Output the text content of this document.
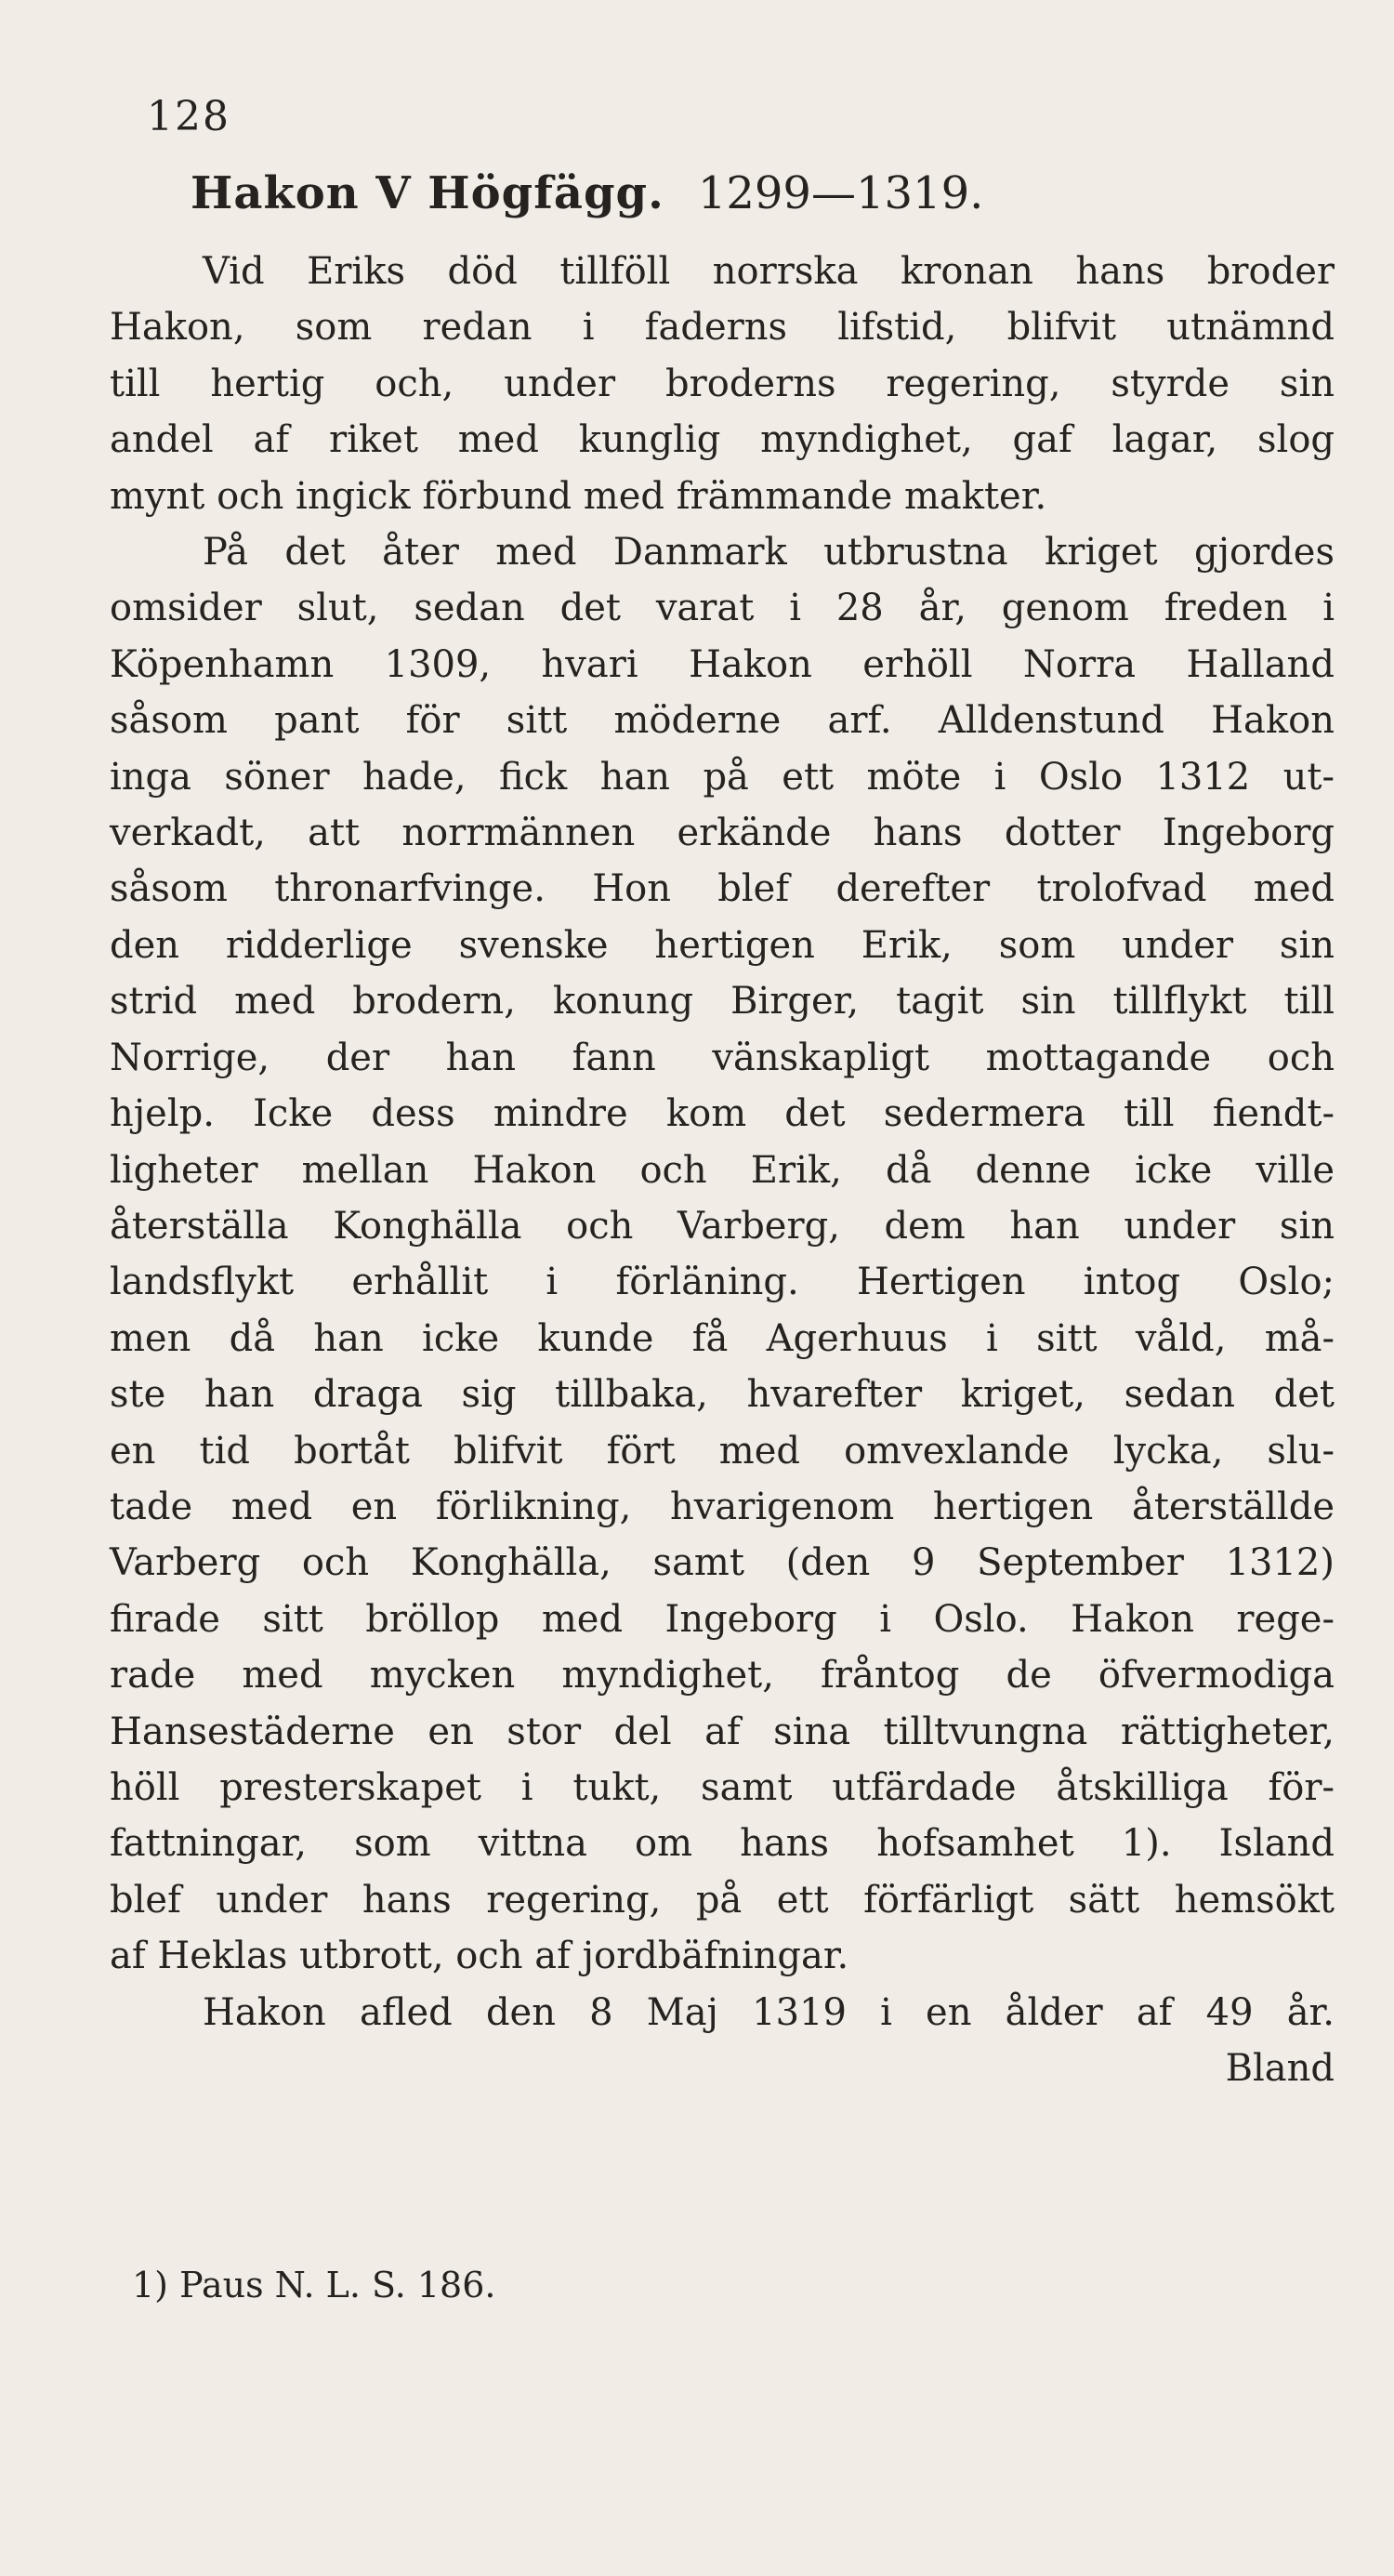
128
Hakon V Högfägg. 1299—1319.

Vid Eriks död tillföll norrska kronan hans broder

Hakon, som redan i faderns lifstid, blifvit utnämnd

till hertig och, under broderns regering, styrde sin

andel af riket med kunglig myndighet, gaf lagar, slog

mynt och ingick förbund med främmande makter.

På det åter med Danmark utbrustna kriget gjordes

omsider slut, sedan det varat i 28 år, genom freden i

Köpenhamn 1309, hvari Hakon erhöll Norra Halland

såsom pant för sitt möderne arf. Alldenstund Hakon

inga söner hade, fick han på ett möte i Oslo 1312 ut-

verkadt, att norrmännen erkände hans dotter Ingeborg

såsom thronarfvinge. Hon blef derefter trolofvad med

den ridderlige svenske hertigen Erik, som under sin

strid med brodern, konung Birger, tagit sin tillflykt till

Norrige, der han fann vänskapligt mottagande och

hjelp. Icke dess mindre kom det sedermera till fiendt-

ligheter mellan Hakon och Erik, då denne icke ville

återställa Konghälla och Varberg, dem han under sin

landsflykt erhållit i förläning. Hertigen intog Oslo;

men då han icke kunde få Agerhuus i sitt våld, må-

ste han draga sig tillbaka, hvarefter kriget, sedan det

en tid bortåt blifvit fört med omvexlande lycka, slu-

tade med en förlikning, hvarigenom hertigen återställde

Varberg och Konghälla, samt (den 9 September 1312)

firade sitt bröllop med Ingeborg i Oslo. Hakon rege-

rade med mycken myndighet, fråntog de öfvermodiga

Hansestäderne en stor del af sina tilltvungna rättigheter,

höll presterskapet i tukt, samt utfärdade åtskilliga för-

fattningar, som vittna om hans hofsamhet 1). Island

blef under hans regering, på ett förfärligt sätt hemsökt

af Heklas utbrott, och af jordbäfningar.

Hakon afled den 8 Maj 1319 i en ålder af 49 år.

Bland

1) Paus N. L. S. 186.
